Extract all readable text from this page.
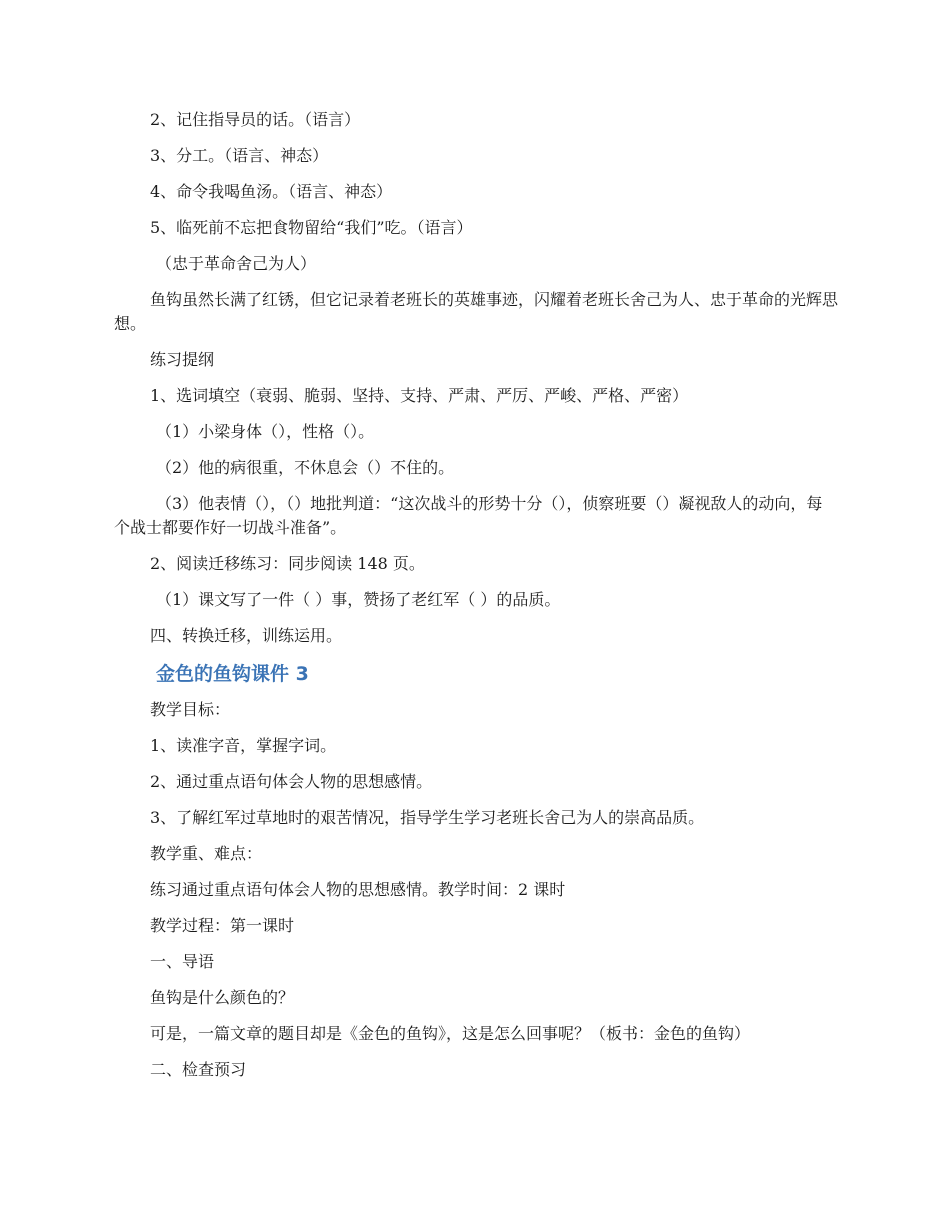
2、记住指导员的话。（语言）

3、分工。（语言、神态）

4、命令我喝鱼汤。（语言、神态）

5、临死前不忘把食物留给“我们”吃。（语言）

（忠于革命舍己为人）

鱼钩虽然长满了红锈，但它记录着老班长的英雄事迹，闪耀着老班长舍己为人、忠于革命的光辉思想。

练习提纲

1、选词填空（衰弱、脆弱、坚持、支持、严肃、严厉、严峻、严格、严密）

（1）小梁身体（），性格（）。

（2）他的病很重，不休息会（）不住的。

（3）他表情（），（）地批判道：“这次战斗的形势十分（），侦察班要（）凝视敌人的动向，每个战士都要作好一切战斗准备”。

2、阅读迁移练习：同步阅读 148 页。

（1）课文写了一件（ ）事，赞扬了老红军（ ）的品质。

四、转换迁移，训练运用。

金色的鱼钩课件 3

教学目标：

1、读准字音，掌握字词。

2、通过重点语句体会人物的思想感情。

3、了解红军过草地时的艰苦情况，指导学生学习老班长舍己为人的崇高品质。

教学重、难点：

练习通过重点语句体会人物的思想感情。教学时间：2 课时

教学过程：第一课时

一、导语

鱼钩是什么颜色的？

可是，一篇文章的题目却是《金色的鱼钩》，这是怎么回事呢？（板书：金色的鱼钩）

二、检查预习
